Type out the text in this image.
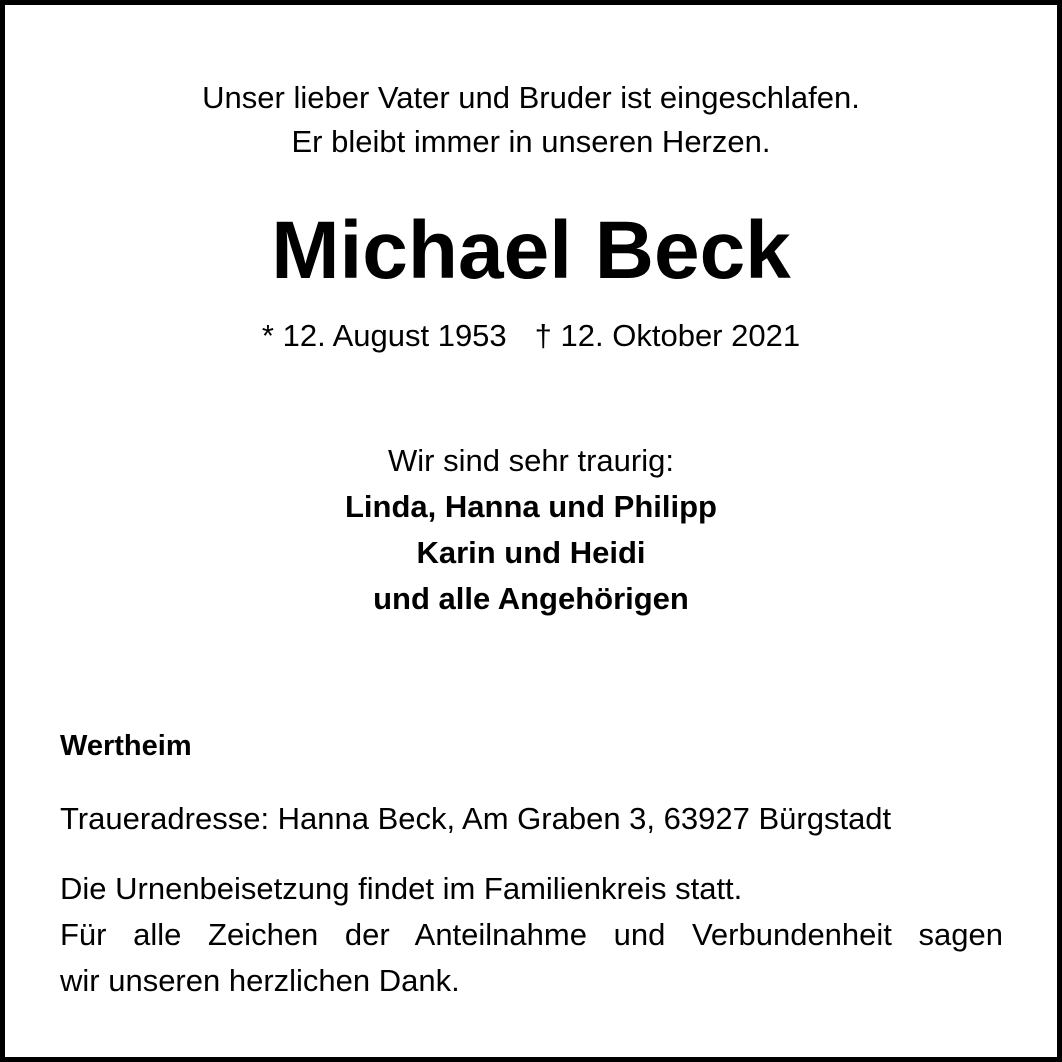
Unser lieber Vater und Bruder ist eingeschlafen.
Er bleibt immer in unseren Herzen.
Michael Beck
* 12. August 1953 † 12. Oktober 2021
Wir sind sehr traurig:
Linda, Hanna und Philipp
Karin und Heidi
und alle Angehörigen
Wertheim
Traueradresse: Hanna Beck, Am Graben 3, 63927 Bürgstadt
Die Urnenbeisetzung findet im Familienkreis statt.
Für alle Zeichen der Anteilnahme und Verbundenheit sagen
wir unseren herzlichen Dank.
